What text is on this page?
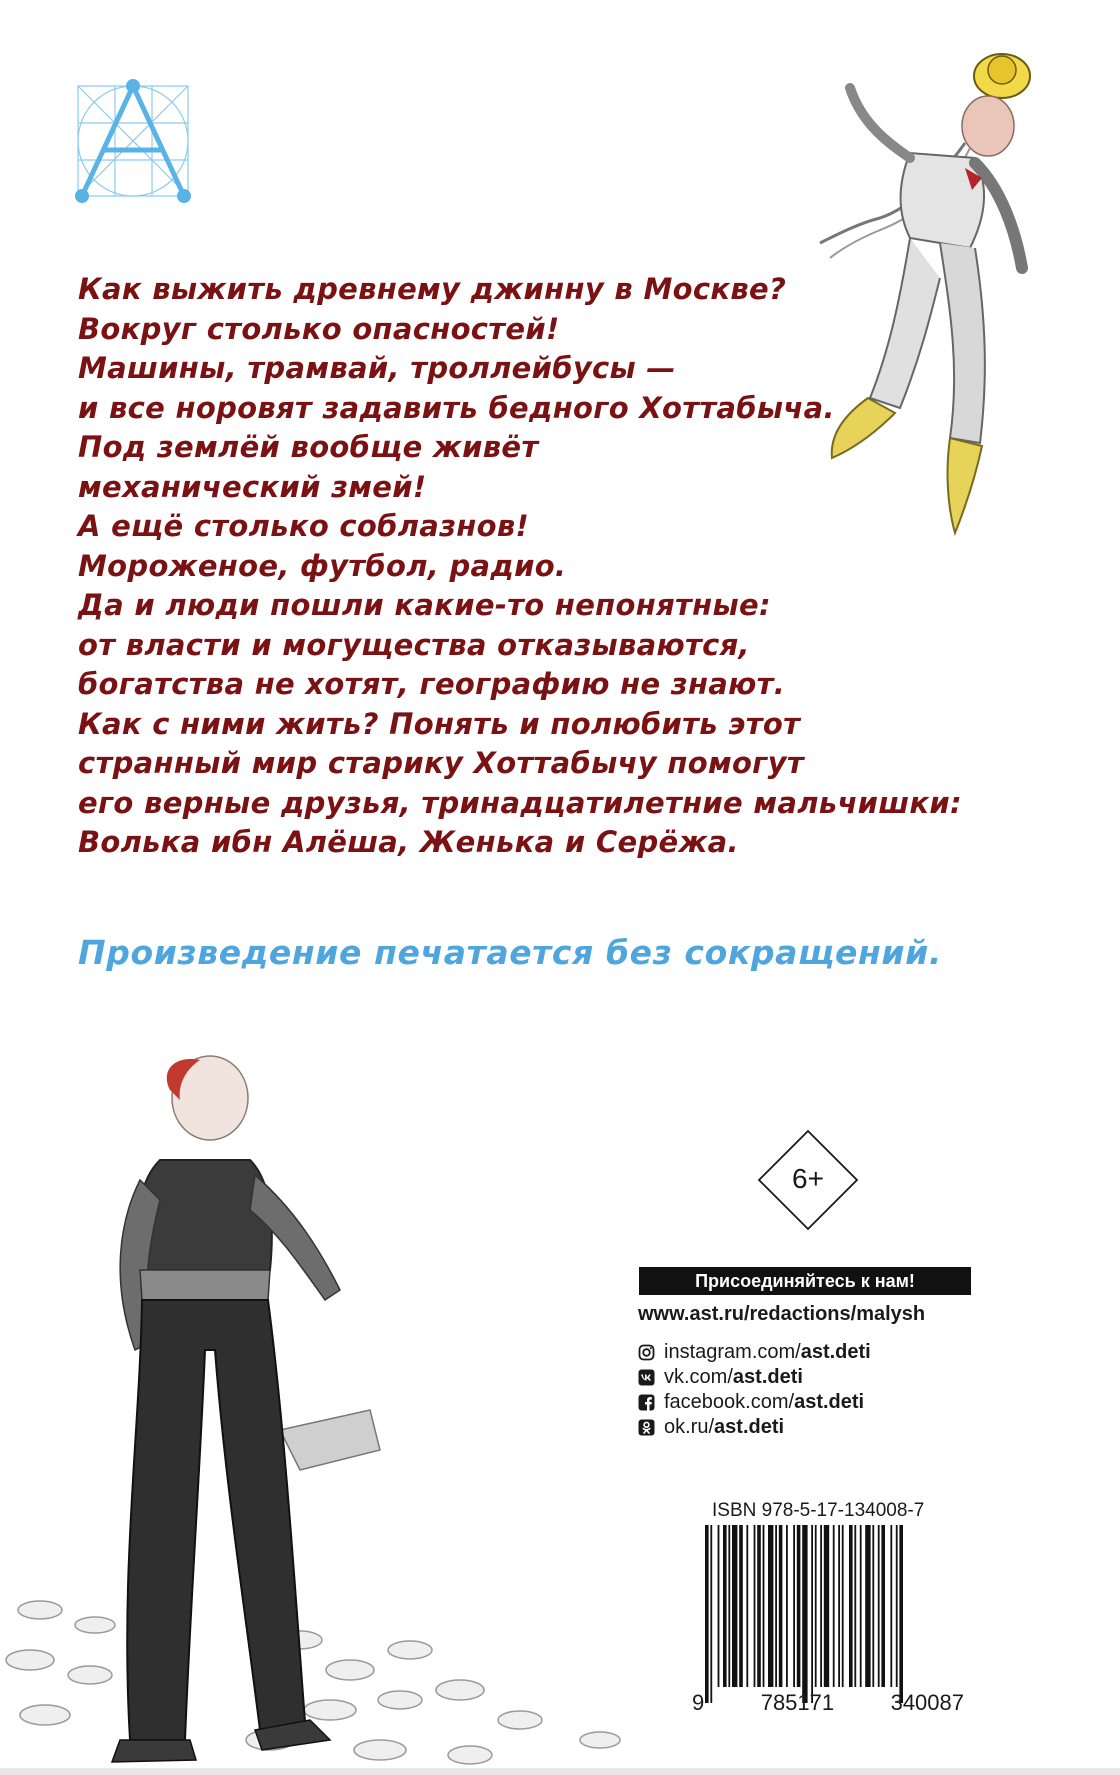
Как выжить древнему джинну в Москве?
Вокруг столько опасностей!
Машины, трамвай, троллейбусы —
и все норовят задавить бедного Хоттабыча.
Под землёй вообще живёт
механический змей!
А ещё столько соблазнов!
Мороженое, футбол, радио.
Да и люди пошли какие-то непонятные:
от власти и могущества отказываются,
богатства не хотят, географию не знают.
Как с ними жить? Понять и полюбить этот
странный мир старику Хоттабычу помогут
его верные друзья, тринадцатилетние мальчишки:
Волька ибн Алёша, Женька и Серёжа.
Произведение печатается без сокращений.
6+
Присоединяйтесь к нам!
www.ast.ru/redactions/malysh
instagram.com/ ast.deti
vk.com/ ast.deti
facebook.com/ ast.deti
ok.ru/ ast.deti
ISBN 978-5-17-134008-7
9	785171	340087
